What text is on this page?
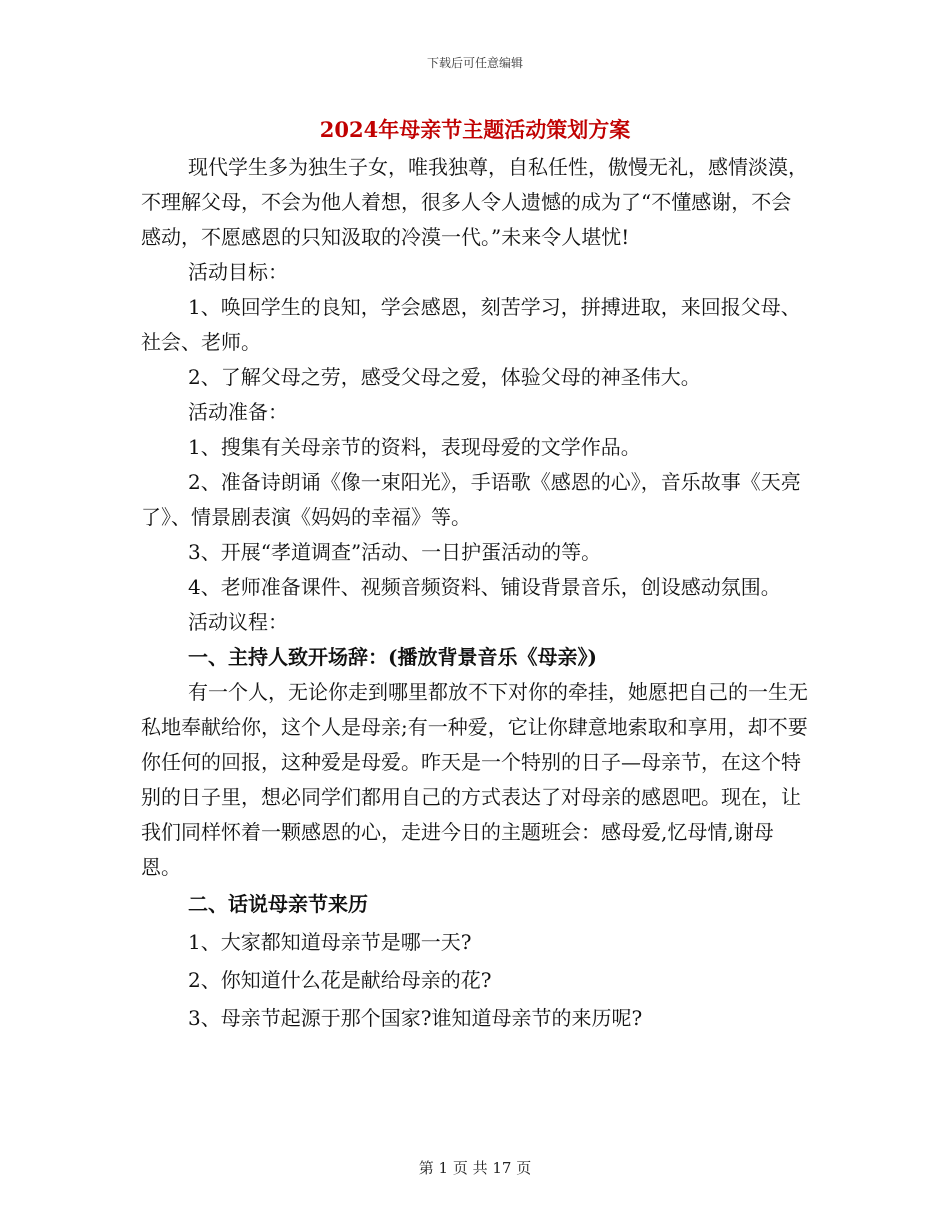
下载后可任意编辑
2024年母亲节主题活动策划方案

现代学生多为独生子女，唯我独尊，自私任性，傲慢无礼，感情淡漠，不理解父母，不会为他人着想，很多人令人遗憾的成为了“不懂感谢，不会感动，不愿感恩的只知汲取的冷漠一代。”未来令人堪忧!

活动目标：

1、唤回学生的良知，学会感恩，刻苦学习，拼搏进取，来回报父母、社会、老师。

2、了解父母之劳，感受父母之爱，体验父母的神圣伟大。

活动准备：

1、搜集有关母亲节的资料，表现母爱的文学作品。

2、准备诗朗诵《像一束阳光》，手语歌《感恩的心》，音乐故事《天亮了》、情景剧表演《妈妈的幸福》等。

3、开展“孝道调查”活动、一日护蛋活动的等。

4、老师准备课件、视频音频资料、铺设背景音乐，创设感动氛围。

活动议程：

一、主持人致开场辞：(播放背景音乐《母亲》)

有一个人，无论你走到哪里都放不下对你的牵挂，她愿把自己的一生无私地奉献给你，这个人是母亲;有一种爱，它让你肆意地索取和享用，却不要你任何的回报，这种爱是母爱。昨天是一个特别的日子—母亲节，在这个特别的日子里，想必同学们都用自己的方式表达了对母亲的感恩吧。现在，让我们同样怀着一颗感恩的心，走进今日的主题班会：感母爱,忆母情,谢母恩。

二、话说母亲节来历

1、大家都知道母亲节是哪一天?

2、你知道什么花是献给母亲的花?

3、母亲节起源于那个国家?谁知道母亲节的来历呢?

第 1 页 共 17 页
